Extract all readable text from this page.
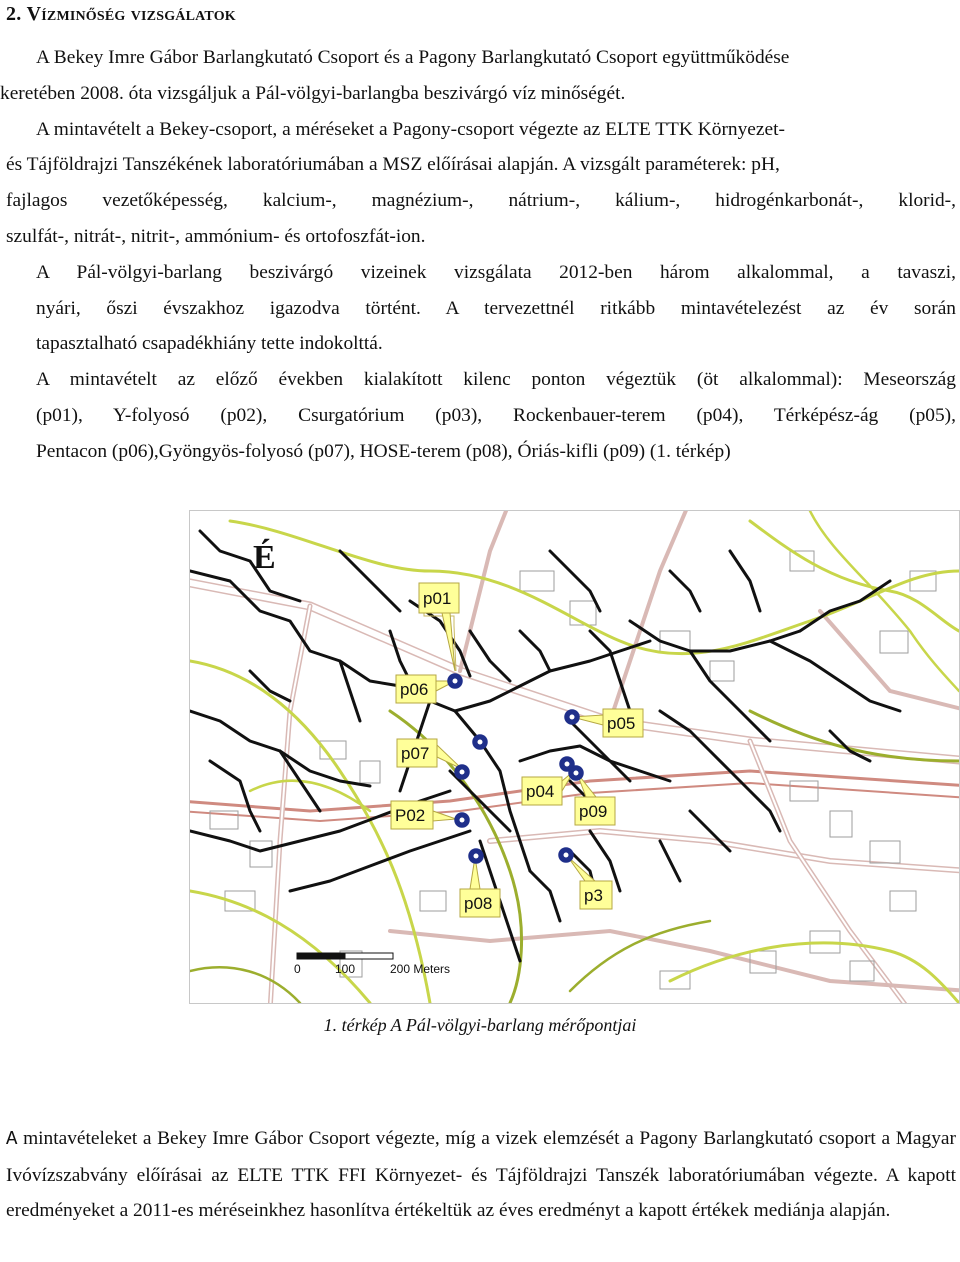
2. Vízminőség vizsgálatok
A Bekey Imre Gábor Barlangkutató Csoport és a Pagony Barlangkutató Csoport együttműködése
keretében 2008. óta vizsgáljuk a Pál-völgyi-barlangba beszivárgó víz minőségét.
A mintavételt a Bekey-csoport, a méréseket a Pagony-csoport végezte az ELTE TTK Környezet-
és Tájföldrajzi Tanszékének laboratóriumában a MSZ előírásai alapján. A vizsgált paraméterek: pH,
fajlagos vezetőképesség, kalcium-, magnézium-, nátrium-, kálium-, hidrogénkarbonát-, klorid-,
szulfát-, nitrát-, nitrit-, ammónium- és ortofoszfát-ion.
A Pál-völgyi-barlang beszivárgó vizeinek vizsgálata 2012-ben három alkalommal, a tavaszi,
nyári, őszi évszakhoz igazodva történt. A tervezettnél ritkább mintavételezést az év során
tapasztalható csapadékhiány tette indokolttá.
A mintavételt az előző években kialakított kilenc ponton végeztük (öt alkalommal): Meseország
(p01), Y-folyosó (p02), Csurgatórium (p03), Rockenbauer-terem (p04), Térképész-ág (p05),
Pentacon (p06),Gyöngyös-folyosó (p07), HOSE-terem (p08), Óriás-kifli (p09) (1. térkép)
0	100	200 Meters
É
p01
p06
p05
p07
p04
p09
P02
p08	p3
1. térkép A Pál-völgyi-barlang mérőpontjai
A mintavételeket a Bekey Imre Gábor Csoport végezte, míg a vizek elemzését a Pagony Barlangkutató csoport a Magyar Ivóvízszabvány előírásai az ELTE TTK FFI Környezet- és Tájföldrajzi Tanszék laboratóriumában végezte. A kapott eredményeket a 2011-es méréseinkhez hasonlítva értékeltük az éves eredményt a kapott értékek mediánja alapján.
